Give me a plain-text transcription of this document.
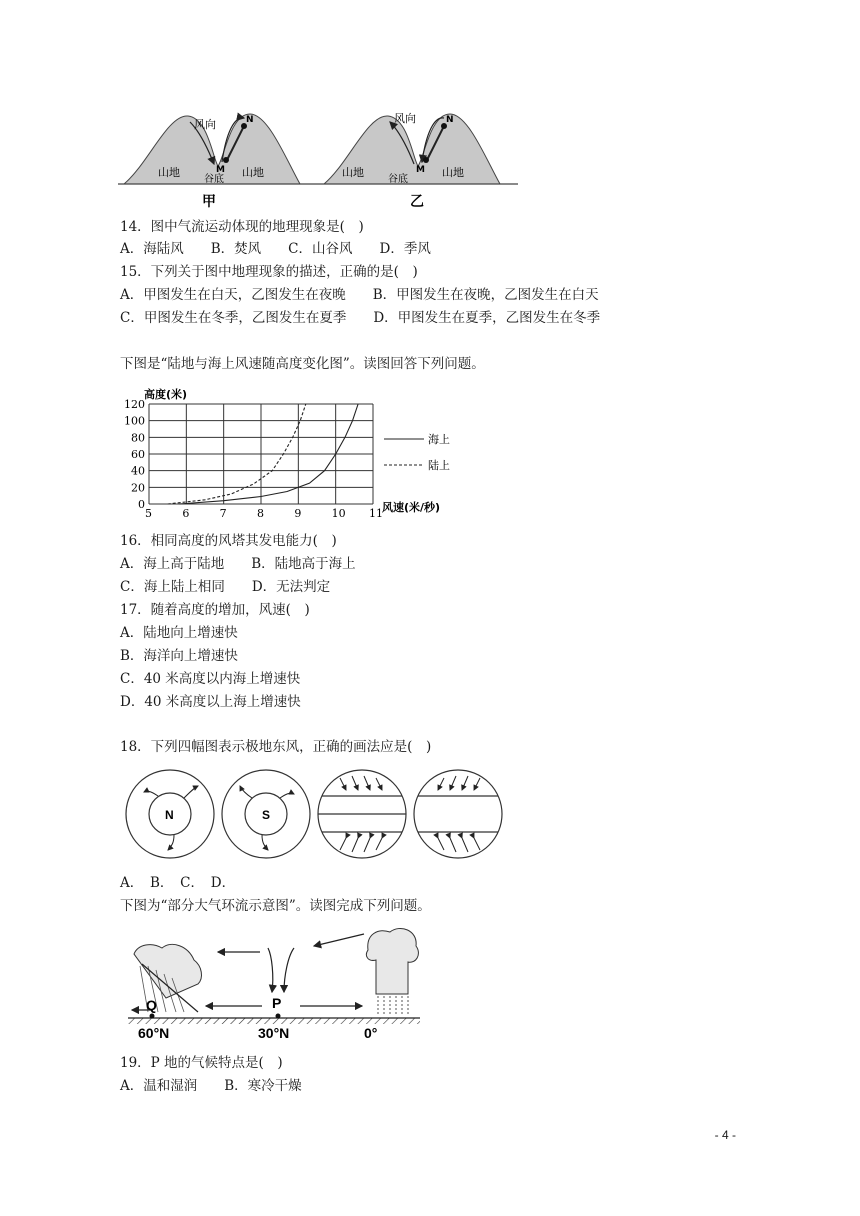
山地	山地
风向
谷底
M
N
甲
山地	山地
风向
谷底
M
N
乙
14．图中气流运动体现的地理现象是(　)
A．海陆风　　B．焚风　　C．山谷风　　D．季风
15．下列关于图中地理现象的描述，正确的是(　)
A．甲图发生在白天，乙图发生在夜晚　　B．甲图发生在夜晚，乙图发生在白天
C．甲图发生在冬季，乙图发生在夏季　　D．甲图发生在夏季，乙图发生在冬季
下图是“陆地与海上风速随高度变化图”。读图回答下列问题。
5	6	7	8	9	10 11
0
20
40
60
80
100
120
高度(米)
风速(米/秒)
海上
陆上
16．相同高度的风塔其发电能力(　)
A．海上高于陆地　　B．陆地高于海上
C．海上陆上相同　　D．无法判定
17．随着高度的增加，风速(　)
A．陆地向上增速快
B．海洋向上增速快
C．40 米高度以内海上增速快
D．40 米高度以上海上增速快
18．下列四幅图表示极地东风，正确的画法应是(　)
N	S
A．　B．　C．　D．
下图为“部分大气环流示意图”。读图完成下列问题。
Q	P
60°N	30°N	0°
19．P 地的气候特点是(　)
A．温和湿润　　B．寒冷干燥
- 4 -
